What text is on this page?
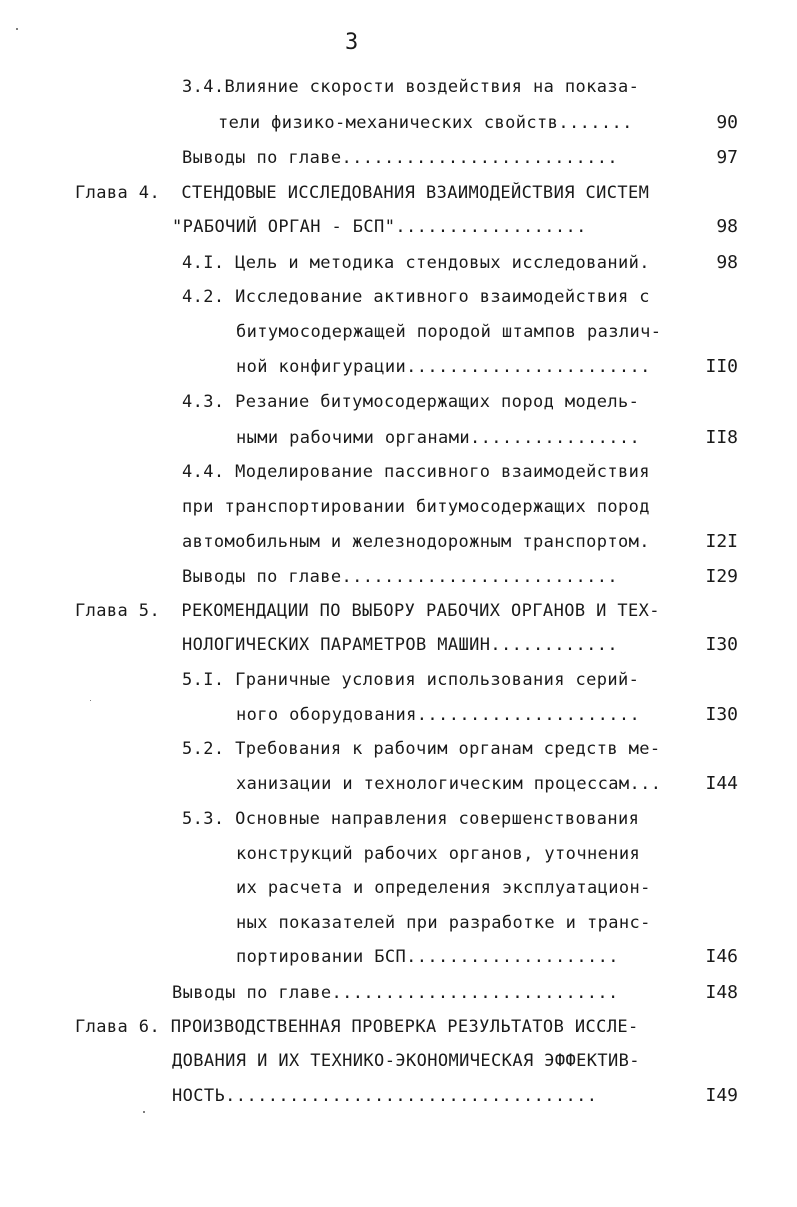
3
3.4.Влияние скорости воздействия на показа-
тели физико-механических свойств.......	90
Выводы по главе..........................	97
Глава 4.  СТЕНДОВЫЕ ИССЛЕДОВАНИЯ ВЗАИМОДЕЙСТВИЯ СИСТЕМ
"РАБОЧИЙ ОРГАН - БСП"..................	98
4.I. Цель и методика стендовых исследований.	98
4.2. Исследование активного взаимодействия с
битумосодержащей породой штампов различ-
ной конфигурации.......................	II0
4.3. Резание битумосодержащих пород модель-
ными рабочими органами................	II8
4.4. Моделирование пассивного взаимодействия
при транспортировании битумосодержащих пород
автомобильным и железнодорожным транспортом.	I2I
Выводы по главе..........................	I29
Глава 5.  РЕКОМЕНДАЦИИ ПО ВЫБОРУ РАБОЧИХ ОРГАНОВ И ТЕХ-
НОЛОГИЧЕСКИХ ПАРАМЕТРОВ МАШИН............	I30
5.I. Граничные условия использования серий-
ного оборудования.....................	I30
5.2. Требования к рабочим органам средств ме-
ханизации и технологическим процессам...	I44
5.3. Основные направления совершенствования
конструкций рабочих органов, уточнения
их расчета и определения эксплуатацион-
ных показателей при разработке и транс-
портировании БСП....................	I46
Выводы по главе...........................	I48
Глава 6. ПРОИЗВОДСТВЕННАЯ ПРОВЕРКА РЕЗУЛЬТАТОВ ИССЛЕ-
ДОВАНИЯ И ИХ ТЕХНИКО-ЭКОНОМИЧЕСКАЯ ЭФФЕКТИВ-
НОСТЬ...................................	I49
